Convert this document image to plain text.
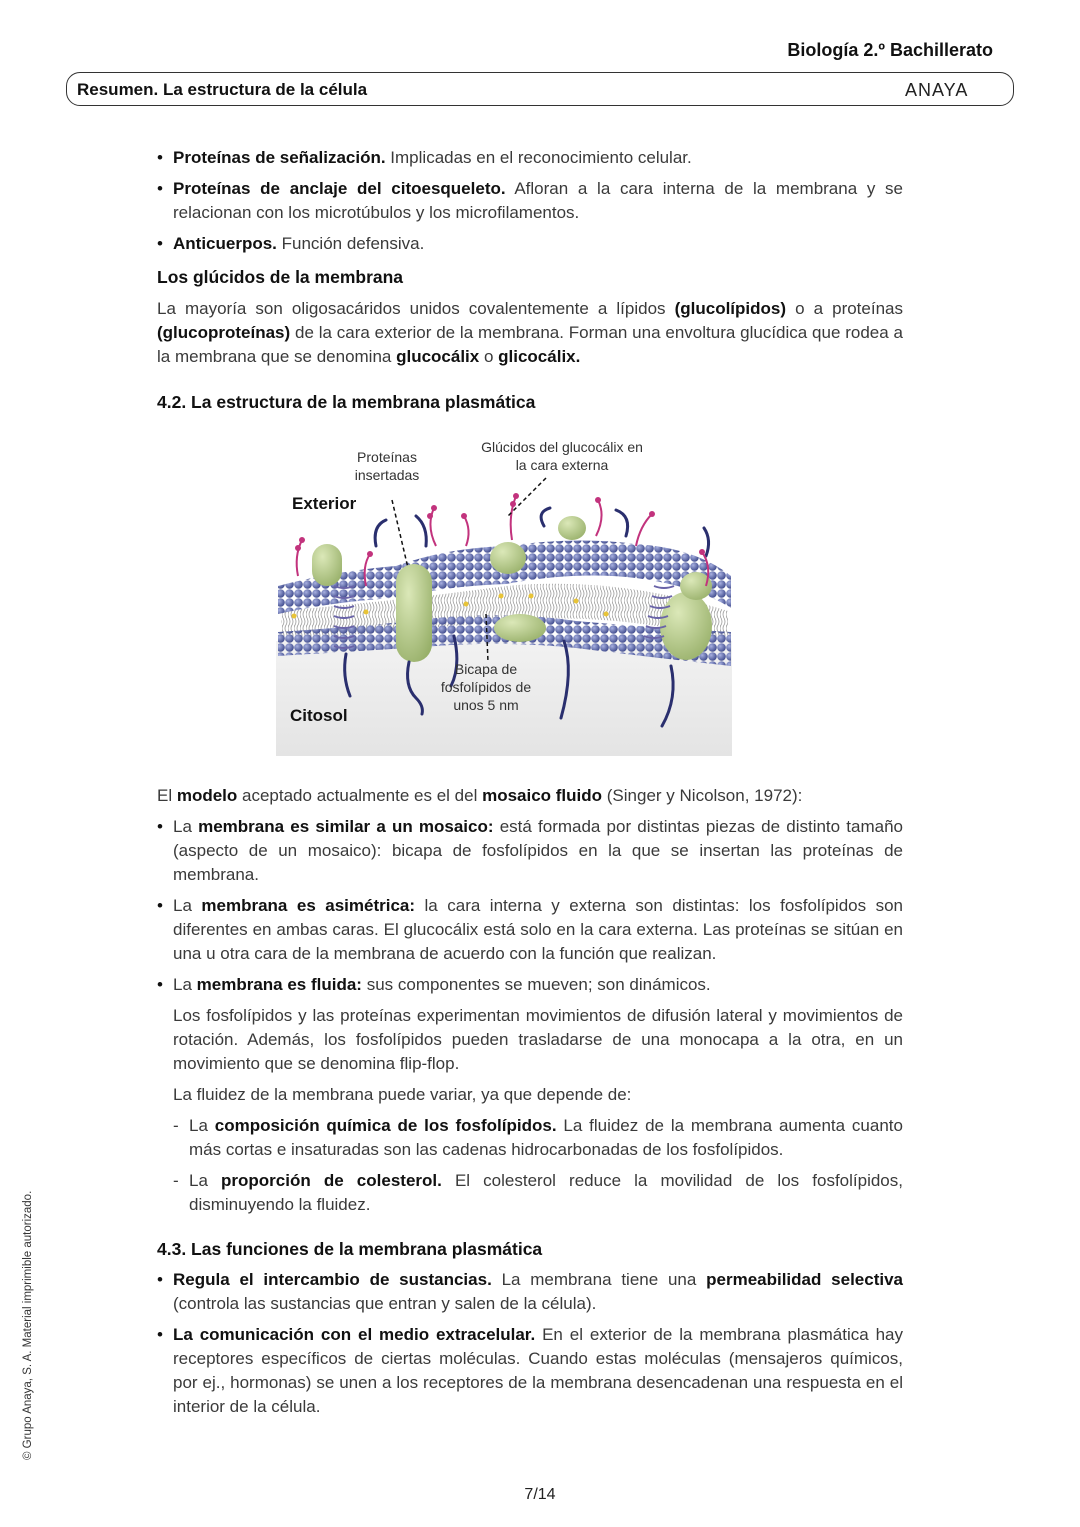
Biología 2.º Bachillerato
Resumen. La estructura de la célula	ANAYA
• Proteínas de señalización. Implicadas en el reconocimiento celular.
• Proteínas de anclaje del citoesqueleto. Afloran a la cara interna de la membrana y se relacionan con los microtúbulos y los microfilamentos.
• Anticuerpos. Función defensiva.
Los glúcidos de la membrana

La mayoría son oligosacáridos unidos covalentemente a lípidos (glucolípidos) o a proteínas (glucoproteínas) de la cara exterior de la membrana. Forman una envoltura glucídica que rodea a la membrana que se denomina glucocálix o glicocálix.

4.2. La estructura de la membrana plasmática

El modelo aceptado actualmente es el del mosaico fluido (Singer y Nicolson, 1972):

• La membrana es similar a un mosaico: está formada por distintas piezas de distinto tamaño (aspecto de un mosaico): bicapa de fosfolípidos en la que se insertan las proteínas de membrana.
• La membrana es asimétrica: la cara interna y externa son distintas: los fosfolípidos son diferentes en ambas caras. El glucocálix está solo en la cara externa. Las proteínas se sitúan en una u otra cara de la membrana de acuerdo con la función que realizan.
• La membrana es fluida: sus componentes se mueven; son dinámicos.
Los fosfolípidos y las proteínas experimentan movimientos de difusión lateral y movimientos de rotación. Además, los fosfolípidos pueden trasladarse de una monocapa a la otra, en un movimiento que se denomina flip-flop.
La fluidez de la membrana puede variar, ya que depende de:
- La composición química de los fosfolípidos. La fluidez de la membrana aumenta cuanto más cortas e insaturadas son las cadenas hidrocarbonadas de los fosfolípidos.
- La proporción de colesterol. El colesterol reduce la movilidad de los fosfolípidos, disminuyendo la fluidez.
4.3. Las funciones de la membrana plasmática
• Regula el intercambio de sustancias. La membrana tiene una permeabilidad selectiva (controla las sustancias que entran y salen de la célula).
• La comunicación con el medio extracelular. En el exterior de la membrana plasmática hay receptores específicos de ciertas moléculas. Cuando estas moléculas (mensajeros químicos, por ej., hormonas) se unen a los receptores de la membrana desencadenan una respuesta en el interior de la célula.
Proteínas insertadas
Glúcidos del glucocálix en la cara externa
Exterior
Citosol
Bicapa de fosfolípidos de unos 5 nm
© Grupo Anaya, S. A. Material imprimible autorizado.
7/14
